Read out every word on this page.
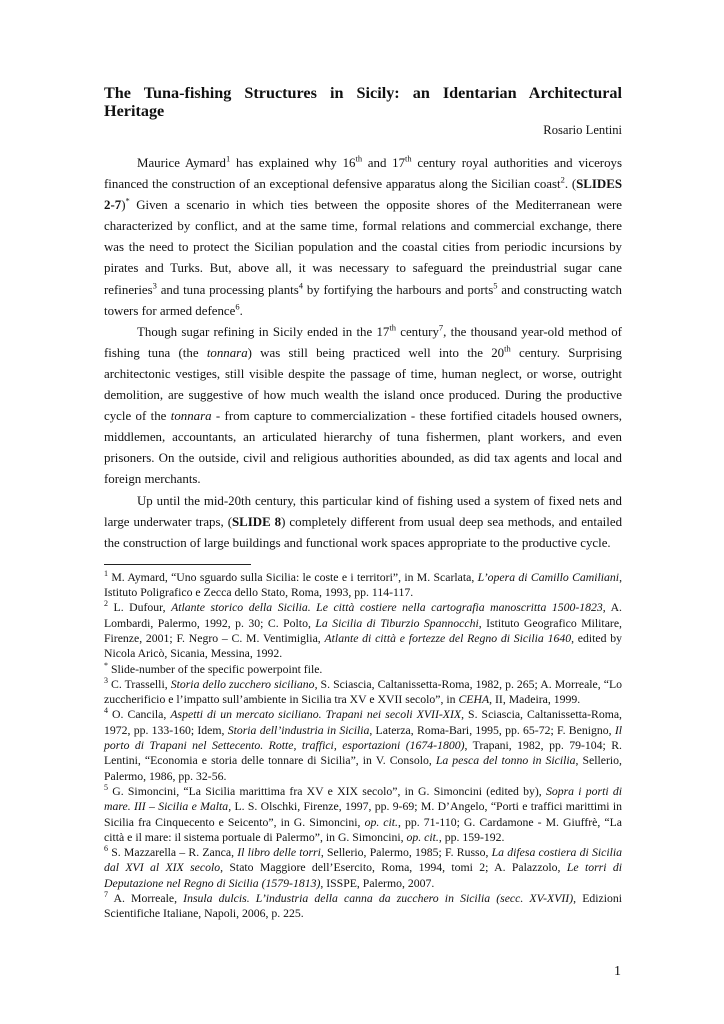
The Tuna-fishing Structures in Sicily: an Identarian Architectural Heritage
Rosario Lentini

Maurice Aymard$^1$ has explained why 16th and 17th century royal authorities and viceroys financed the construction of an exceptional defensive apparatus along the Sicilian coast$^2$. (SLIDES 2-7)* Given a scenario in which ties between the opposite shores of the Mediterranean were characterized by conflict, and at the same time, formal relations and commercial exchange, there was the need to protect the Sicilian population and the coastal cities from periodic incursions by pirates and Turks. But, above all, it was necessary to safeguard the preindustrial sugar cane refineries$^3$ and tuna processing plants$^4$ by fortifying the harbours and ports$^5$ and constructing watch towers for armed defence$^6$.

Though sugar refining in Sicily ended in the 17th century$^7$, the thousand year-old method of fishing tuna (the tonnara) was still being practiced well into the 20th century. Surprising architectonic vestiges, still visible despite the passage of time, human neglect, or worse, outright demolition, are suggestive of how much wealth the island once produced. During the productive cycle of the tonnara - from capture to commercialization - these fortified citadels housed owners, middlemen, accountants, an articulated hierarchy of tuna fishermen, plant workers, and even prisoners. On the outside, civil and religious authorities abounded, as did tax agents and local and foreign merchants.

Up until the mid-20th century, this particular kind of fishing used a system of fixed nets and large underwater traps, (SLIDE 8) completely different from usual deep sea methods, and entailed the construction of large buildings and functional work spaces appropriate to the productive cycle.

$^1$ M. Aymard, “Uno sguardo sulla Sicilia: le coste e i territori”, in M. Scarlata, L’opera di Camillo Camiliani, Istituto Poligrafico e Zecca dello Stato, Roma, 1993, pp. 114-117.

$^2$ L. Dufour, Atlante storico della Sicilia. Le città costiere nella cartografia manoscritta 1500-1823, A. Lombardi, Palermo, 1992, p. 30; C. Polto, La Sicilia di Tiburzio Spannocchi, Istituto Geografico Militare, Firenze, 2001; F. Negro – C. M. Ventimiglia, Atlante di città e fortezze del Regno di Sicilia 1640, edited by Nicola Aricò, Sicania, Messina, 1992.

* Slide-number of the specific powerpoint file.

$^3$ C. Trasselli, Storia dello zucchero siciliano, S. Sciascia, Caltanissetta-Roma, 1982, p. 265; A. Morreale, “Lo zuccherificio e l’impatto sull’ambiente in Sicilia tra XV e XVII secolo”, in CEHA, II, Madeira, 1999.

$^4$ O. Cancila, Aspetti di un mercato siciliano. Trapani nei secoli XVII-XIX, S. Sciascia, Caltanissetta-Roma, 1972, pp. 133-160; Idem, Storia dell’industria in Sicilia, Laterza, Roma-Bari, 1995, pp. 65-72; F. Benigno, Il porto di Trapani nel Settecento. Rotte, traffici, esportazioni (1674-1800), Trapani, 1982, pp. 79-104; R. Lentini, “Economia e storia delle tonnare di Sicilia”, in V. Consolo, La pesca del tonno in Sicilia, Sellerio, Palermo, 1986, pp. 32-56.

$^5$ G. Simoncini, “La Sicilia marittima fra XV e XIX secolo”, in G. Simoncini (edited by), Sopra i porti di mare. III – Sicilia e Malta, L. S. Olschki, Firenze, 1997, pp. 9-69; M. D’Angelo, “Porti e traffici marittimi in Sicilia fra Cinquecento e Seicento”, in G. Simoncini, op. cit., pp. 71-110; G. Cardamone - M. Giuffrè, “La città e il mare: il sistema portuale di Palermo”, in G. Simoncini, op. cit., pp. 159-192.

$^6$ S. Mazzarella – R. Zanca, Il libro delle torri, Sellerio, Palermo, 1985; F. Russo, La difesa costiera di Sicilia dal XVI al XIX secolo, Stato Maggiore dell’Esercito, Roma, 1994, tomi 2; A. Palazzolo, Le torri di Deputazione nel Regno di Sicilia (1579-1813), ISSPE, Palermo, 2007.

$^7$ A. Morreale, Insula dulcis. L’industria della canna da zucchero in Sicilia (secc. XV-XVII), Edizioni Scientifiche Italiane, Napoli, 2006, p. 225.

1
